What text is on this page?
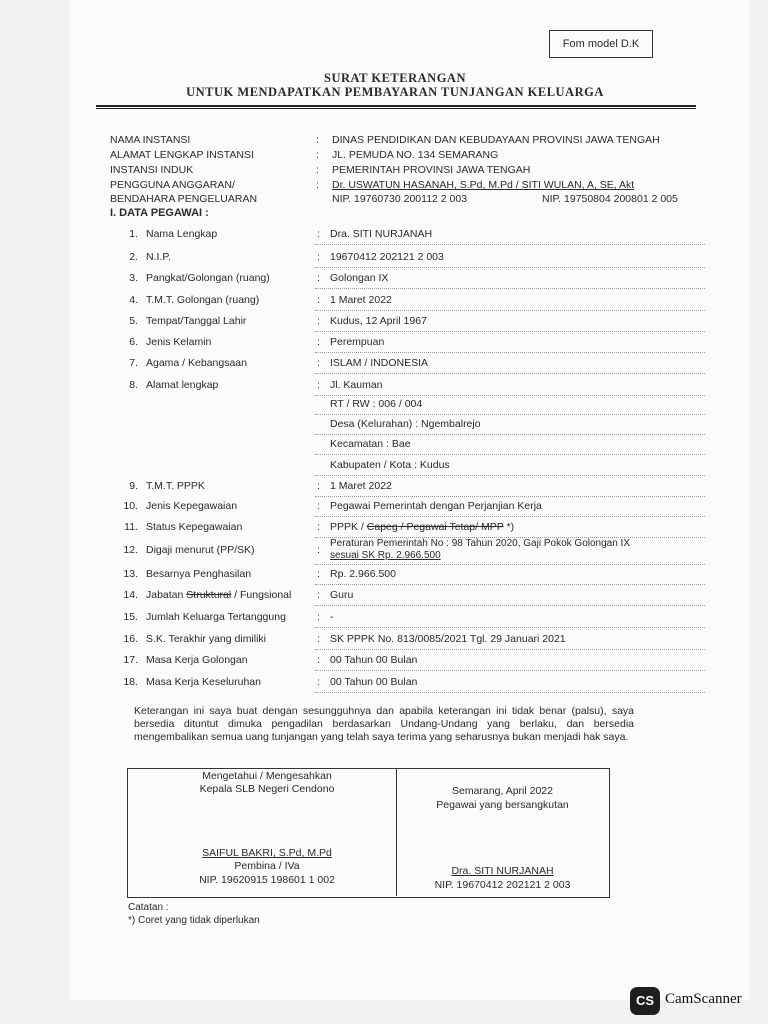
Fom model D.K
SURAT KETERANGAN
UNTUK MENDAPATKAN PEMBAYARAN TUNJANGAN KELUARGA
NAMA INSTANSI	: DINAS PENDIDIKAN DAN KEBUDAYAAN PROVINSI JAWA TENGAH
ALAMAT LENGKAP INSTANSI	: JL. PEMUDA NO. 134 SEMARANG
INSTANSI INDUK	: PEMERINTAH PROVINSI JAWA TENGAH
PENGGUNA ANGGARAN/	: Dr. USWATUN HASANAH, S.Pd, M.Pd / SITI WULAN, A, SE, Akt
BENDAHARA PENGELUARAN	NIP. 19760730 200112 2 003	NIP. 19750804 200801 2 005
I. DATA PEGAWAI :
1. Nama Lengkap	: Dra. SITI NURJANAH
2. N.I.P.	: 19670412 202121 2 003
3. Pangkat/Golongan (ruang)	: Golongan IX
4. T.M.T. Golongan (ruang)	: 1 Maret 2022
5. Tempat/Tanggal Lahir	: Kudus, 12 April 1967
6. Jenis Kelamin	: Perempuan
7. Agama / Kebangsaan	: ISLAM / INDONESIA
8. Alamat lengkap	: Jl. Kauman
RT / RW : 006 / 004
Desa (Kelurahan) : Ngembalrejo
Kecamatan : Bae
Kabupaten / Kota : Kudus
9. T.M.T. PPPK	: 1 Maret 2022
10. Jenis Kepegawaian	: Pegawai Pemerintah dengan Perjanjian Kerja
11. Status Kepegawaian	: PPPK / Capeg / Pegawai Tetap/ MPP *)
12. Digaji menurut (PP/SK)	:
Peraturan Pemerintah No : 98 Tahun 2020, Gaji Pokok Golongan IX
sesuai SK Rp. 2.966.500
13. Besarnya Penghasilan	: Rp. 2.966.500
14. Jabatan Struktural / Fungsional : Guru
15. Jumlah Keluarga Tertanggung	: -
16. S.K. Terakhir yang dimiliki	: SK PPPK No. 813/0085/2021 Tgl. 29 Januari 2021
17. Masa Kerja Golongan	: 00 Tahun 00 Bulan
18. Masa Kerja Keseluruhan	: 00 Tahun 00 Bulan
Keterangan ini saya buat dengan sesungguhnya dan apabila keterangan ini tidak benar (palsu), saya bersedia dituntut dimuka pengadilan berdasarkan Undang-Undang yang berlaku, dan bersedia mengembalikan semua uang tunjangan yang telah saya terima yang seharusnya bukan menjadi hak saya.
Mengetahui / Mengesahkan
Kepala SLB Negeri Cendono
SAIFUL BAKRI, S.Pd, M.Pd
Pembina / IVa
NIP. 19620915 198601 1 002
Semarang, April 2022
Pegawai yang bersangkutan
Dra. SITI NURJANAH
NIP. 19670412 202121 2 003
Catatan :
*) Coret yang tidak diperlukan
CS CamScanner
